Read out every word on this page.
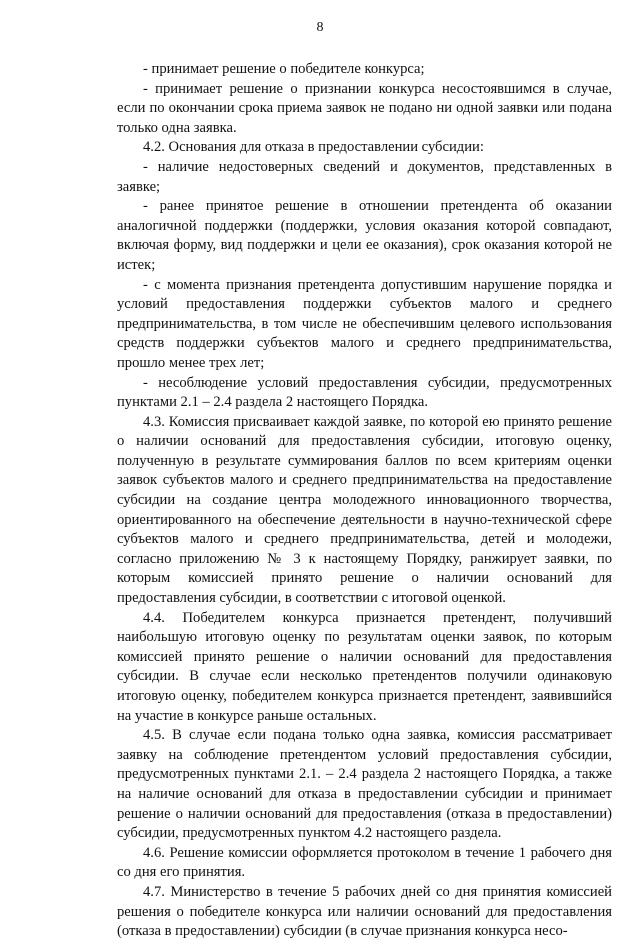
8

- принимает решение о победителе конкурса;

- принимает решение о признании конкурса несостоявшимся в случае, если по окончании срока приема заявок не подано ни одной заявки или подана только одна заявка.

4.2. Основания для отказа в предоставлении субсидии:

- наличие недостоверных сведений и документов, представленных в заявке;

- ранее принятое решение в отношении претендента об оказании аналогичной поддержки (поддержки, условия оказания которой совпадают, включая форму, вид поддержки и цели ее оказания), срок оказания которой не истек;

- с момента признания претендента допустившим нарушение порядка и условий предоставления поддержки субъектов малого и среднего предпринимательства, в том числе не обеспечившим целевого использования средств поддержки субъектов малого и среднего предпринимательства, прошло менее трех лет;

- несоблюдение условий предоставления субсидии, предусмотренных пунктами 2.1 – 2.4 раздела 2 настоящего Порядка.

4.3. Комиссия присваивает каждой заявке, по которой ею принято решение о наличии оснований для предоставления субсидии, итоговую оценку, полученную в результате суммирования баллов по всем критериям оценки заявок субъектов малого и среднего предпринимательства на предоставление субсидии на создание центра молодежного инновационного творчества, ориентированного на обеспечение деятельности в научно-технической сфере субъектов малого и среднего предпринимательства, детей и молодежи, согласно приложению № 3 к настоящему Порядку, ранжирует заявки, по которым комиссией принято решение о наличии оснований для предоставления субсидии, в соответствии с итоговой оценкой.

4.4. Победителем конкурса признается претендент, получивший наибольшую итоговую оценку по результатам оценки заявок, по которым комиссией принято решение о наличии оснований для предоставления субсидии. В случае если несколько претендентов получили одинаковую итоговую оценку, победителем конкурса признается претендент, заявившийся на участие в конкурсе раньше остальных.

4.5. В случае если подана только одна заявка, комиссия рассматривает заявку на соблюдение претендентом условий предоставления субсидии, предусмотренных пунктами 2.1. – 2.4 раздела 2 настоящего Порядка, а также на наличие оснований для отказа в предоставлении субсидии и принимает решение о наличии оснований для предоставления (отказа в предоставлении) субсидии, предусмотренных пунктом 4.2 настоящего раздела.

4.6. Решение комиссии оформляется протоколом в течение 1 рабочего дня со дня его принятия.

4.7. Министерство в течение 5 рабочих дней со дня принятия комиссией решения о победителе конкурса или наличии оснований для предоставления (отказа в предоставлении) субсидии (в случае признания конкурса несо-
